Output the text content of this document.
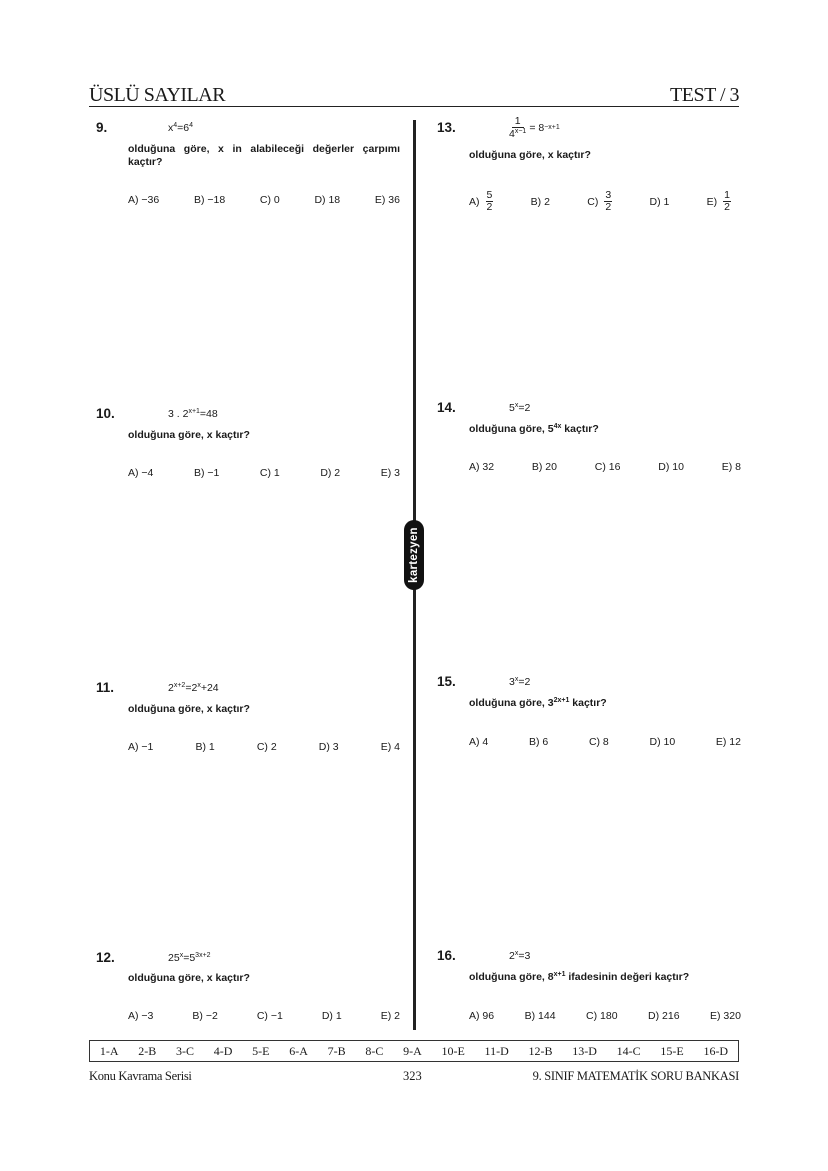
ÜSLÜ SAYILAR	TEST / 3
kartezyen
9.	$x^4=6^4$
olduğuna göre, x in alabileceği değerler çarpımı kaçtır?
A) −36	B) −18	C) 0	D) 18	E) 36
10.	3 . $2^{x+1}=48$
olduğuna göre, x kaçtır?
A) −4	B) −1	C) 1	D) 2	E) 3
11.	$2^{x+2}=2^x+24$
olduğuna göre, x kaçtır?
A) −1	B) 1	C) 2	D) 3	E) 4
12.	$25^x=5^{3x+2}$
olduğuna göre, x kaçtır?
A) −3	B) −2	C) −1	D) 1	E) 2
13.	$\frac{1}{4^{x-1}} = 8 -x+1$
olduğuna göre, x kaçtır?
$A) \frac{5}{2}$	B) 2	$C) \frac{3}{2}$	D) 1	$E) \frac{1}{2}$
14.	$5^x=2$
olduğuna göre, $5^{4x}$ kaçtır?
A) 32	B) 20	C) 16	D) 10	E) 8
15.	$3^x=2$
olduğuna göre, $3^{2x+1}$ kaçtır?
A) 4	B) 6	C) 8	D) 10	E) 12
16.	$2^x=3$
olduğuna göre, $8^{x+1}$ ifadesinin değeri kaçtır?
A) 96	B) 144	C) 180	D) 216	E) 320
1-A 2-B 3-C 4-D 5-E 6-A 7-B 8-C 9-A 10-E 11-D 12-B 13-D 14-C 15-E 16-D
Konu Kavrama Serisi	323	9. SINIF MATEMATİK SORU BANKASI
